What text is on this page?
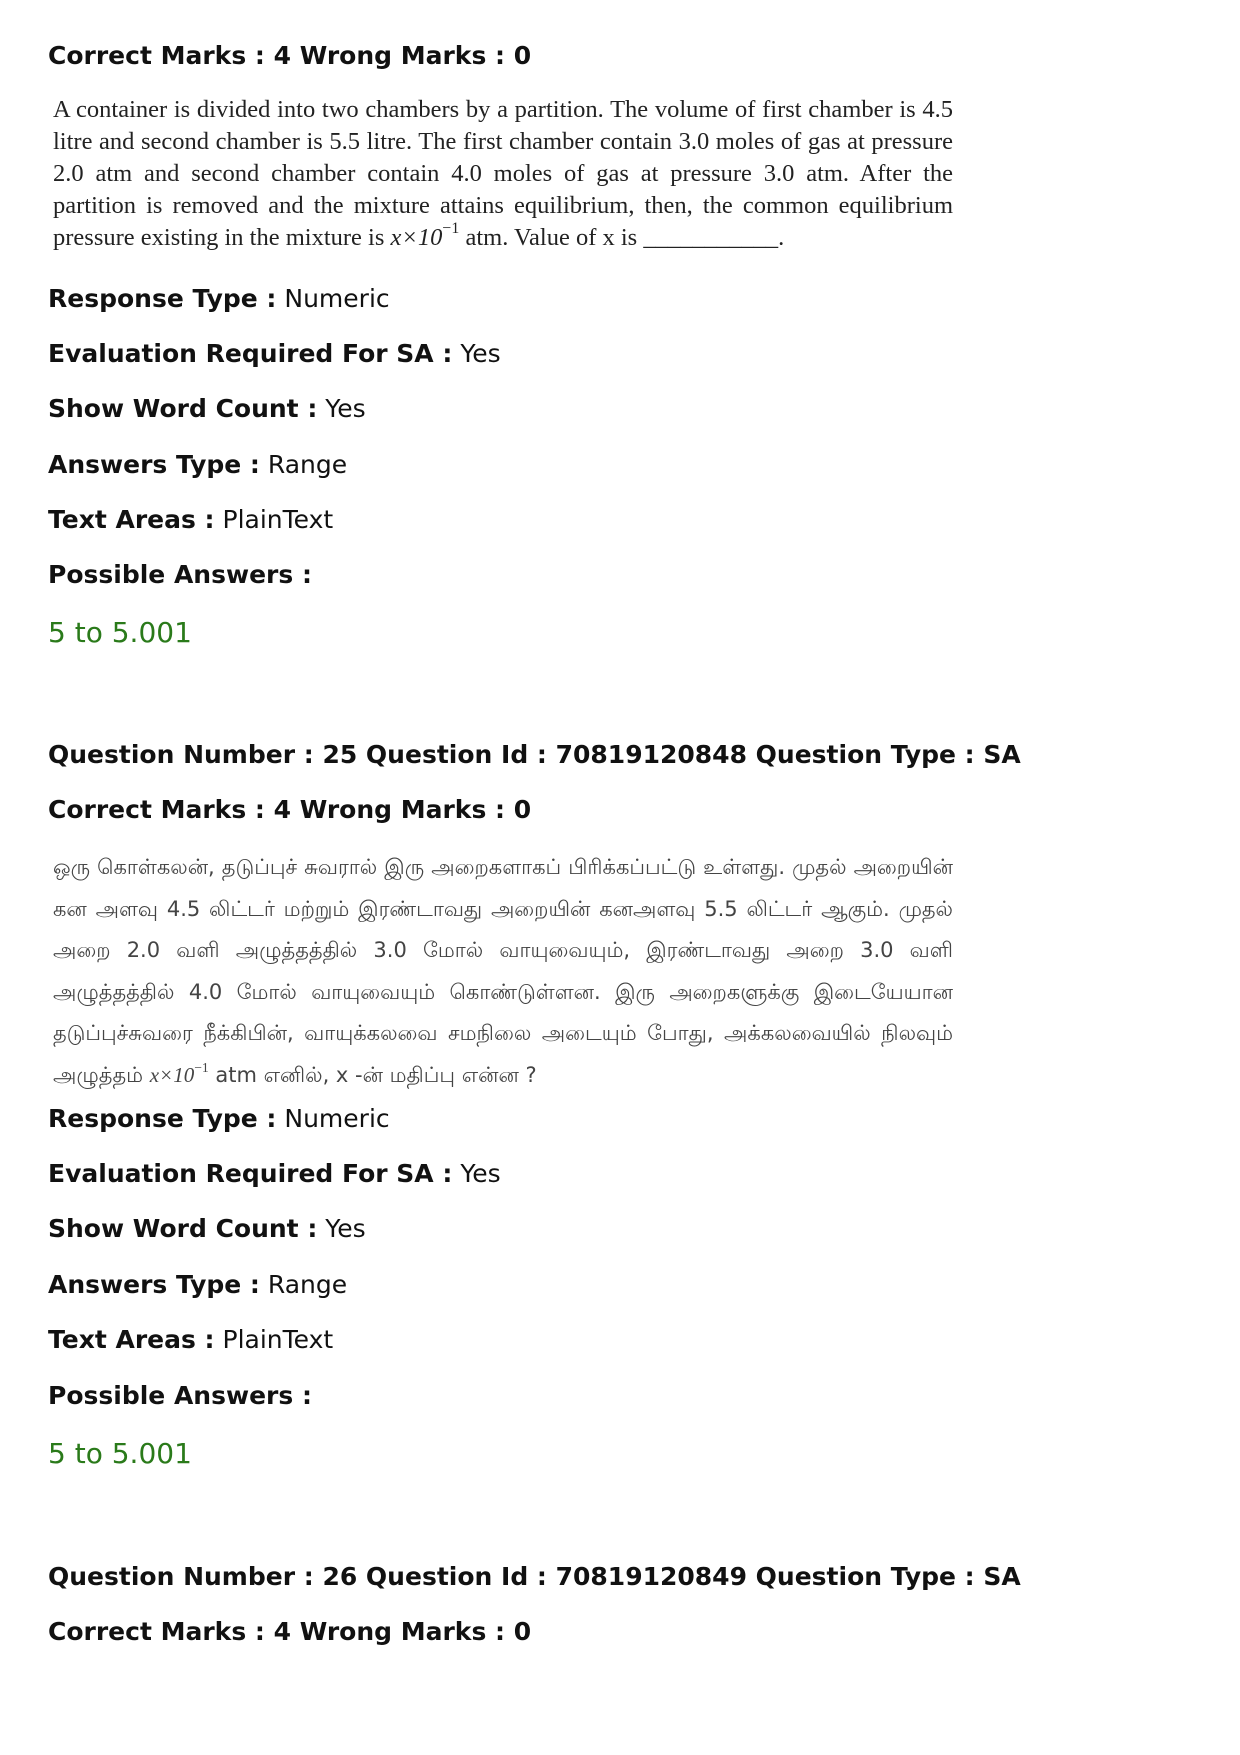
Correct Marks : 4 Wrong Marks : 0
A container is divided into two chambers by a partition. The volume of first chamber is 4.5 litre and second chamber is 5.5 litre. The first chamber contain 3.0 moles of gas at pressure 2.0 atm and second chamber contain 4.0 moles of gas at pressure 3.0 atm. After the partition is removed and the mixture attains equilibrium, then, the common equilibrium pressure existing in the mixture is $x\times 10^{-1}$ atm. Value of x is ___________.
Response Type : Numeric
Evaluation Required For SA : Yes
Show Word Count : Yes
Answers Type : Range
Text Areas : PlainText
Possible Answers :
5 to 5.001
Question Number : 25 Question Id : 70819120848 Question Type : SA
Correct Marks : 4 Wrong Marks : 0
ஒரு கொள்கலன், தடுப்புச் சுவரால் இரு அறைகளாகப் பிரிக்கப்பட்டு உள்ளது. முதல் அறையின் கன அளவு 4.5 லிட்டர் மற்றும் இரண்டாவது அறையின் கனஅளவு 5.5 லிட்டர் ஆகும். முதல் அறை 2.0 வளி அழுத்தத்தில் 3.0 மோல் வாயுவையும், இரண்டாவது அறை 3.0 வளி அழுத்தத்தில் 4.0 மோல் வாயுவையும் கொண்டுள்ளன. இரு அறைகளுக்கு இடையேயான தடுப்புச்சுவரை நீக்கிபின், வாயுக்கலவை சமநிலை அடையும் போது, அக்கலவையில் நிலவும் அழுத்தம் $x\times 10^{-1}$ atm எனில், x -ன் மதிப்பு என்ன ?
Response Type : Numeric
Evaluation Required For SA : Yes
Show Word Count : Yes
Answers Type : Range
Text Areas : PlainText
Possible Answers :
5 to 5.001
Question Number : 26 Question Id : 70819120849 Question Type : SA
Correct Marks : 4 Wrong Marks : 0
